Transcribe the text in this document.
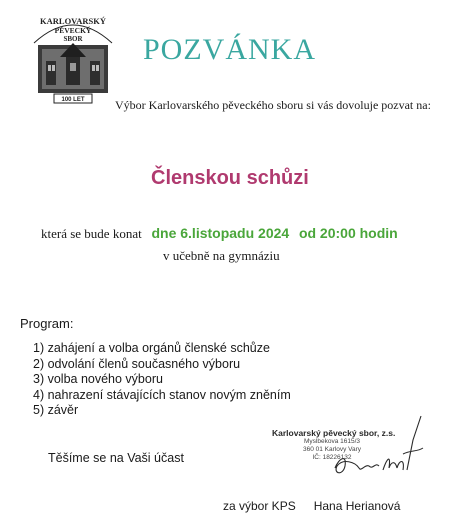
KARLOVARSKÝ
PĚVECKÝ
SBOR
100 LET
POZVÁNKA
Výbor Karlovarského pěveckého sboru si vás dovoluje pozvat na:
Členskou schůzi
která se bude konat dne 6.listopadu 2024 od 20:00 hodin
v učebně na gymnáziu
Program:
1) zahájení a volba orgánů členské schůze
2) odvolání členů současného výboru
3) volba nového výboru
4) nahrazení stávajících stanov novým zněním
5) závěr
Těšíme se na Vaši účast
Karlovarský pěvecký sbor, z.s.
Myslbekova 1615/3
360 01 Karlovy Vary
IČ: 18226132
za výbor KPS Hana Herianová
